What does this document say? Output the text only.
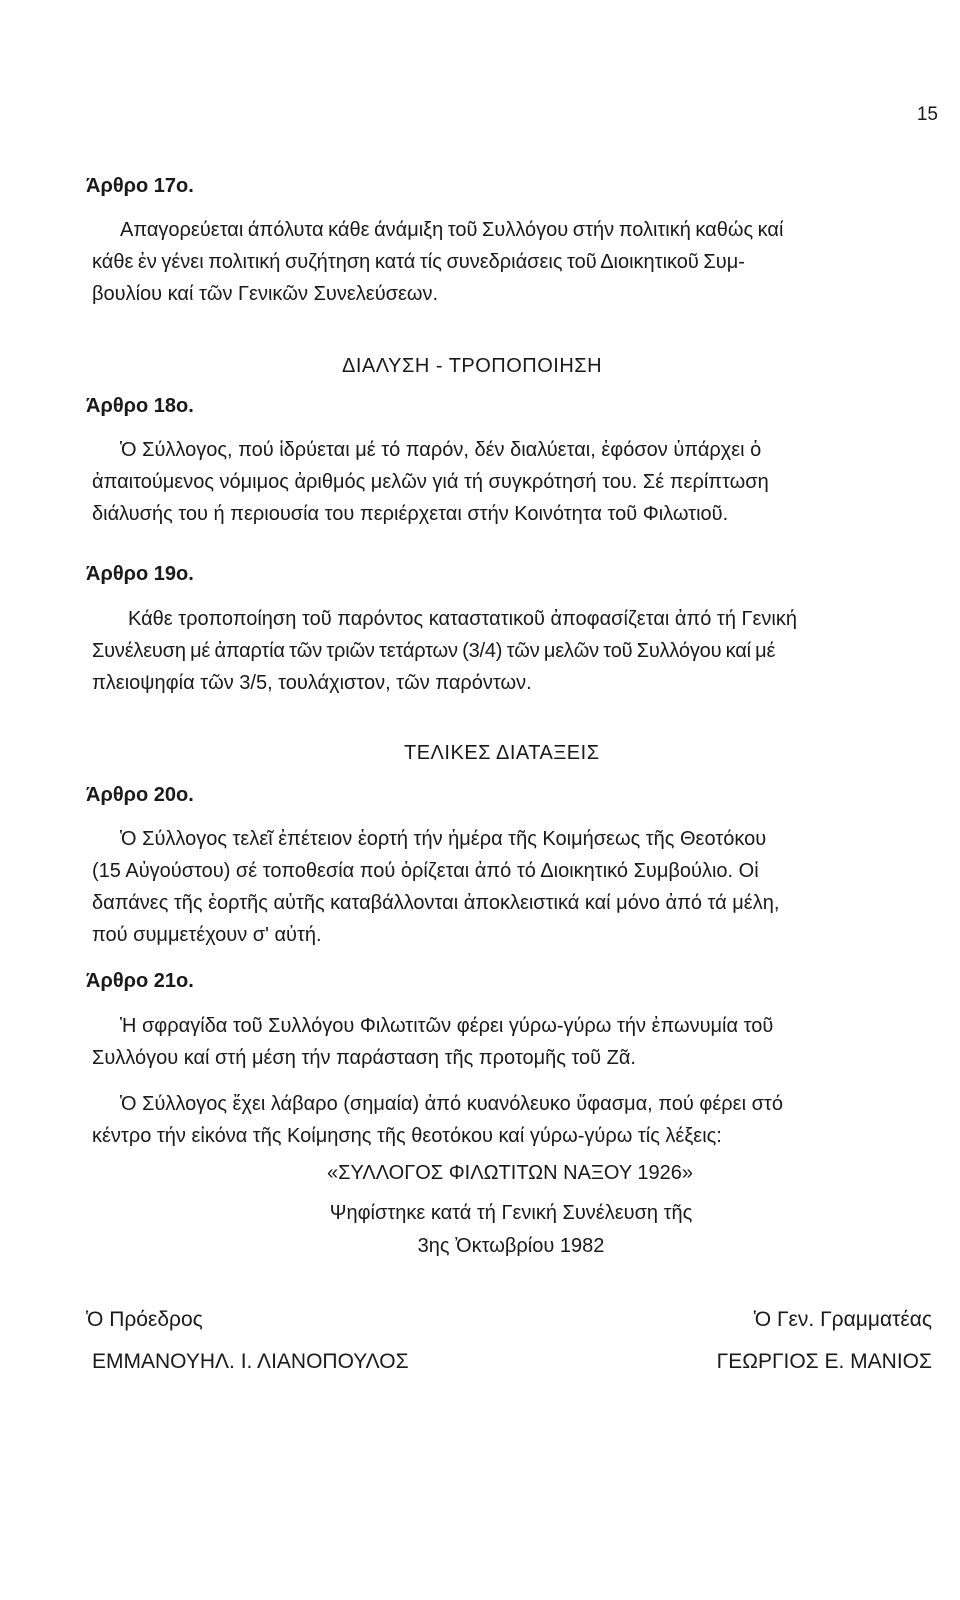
15
Άρθρο 17ο.
Απαγορεύεται άπόλυτα κάθε άνάμιξη τοῦ Συλλόγου στήν πολιτική καθώς καί
κάθε ἐν γένει πολιτική συζήτηση κατά τίς συνεδριάσεις τοῦ Διοικητικοῦ Συμ-
βουλίου καί τῶν Γενικῶν Συνελεύσεων.
ΔΙΑΛΥΣΗ - ΤΡΟΠΟΠΟΙΗΣΗ
Άρθρο 18ο.
Ὁ Σύλλογος, πού ἱδρύεται μέ τό παρόν, δέν διαλύεται, ἐφόσον ὑπάρχει ὁ
ἀπαιτούμενος νόμιμος ἀριθμός μελῶν γιά τή συγκρότησή του. Σέ περίπτωση
διάλυσής του ή περιουσία του περιέρχεται στήν Κοινότητα τοῦ Φιλωτιοῦ.
Άρθρο 19ο.
Κάθε τροποποίηση τοῦ παρόντος καταστατικοῦ ἀποφασίζεται ἀπό τή Γενική
Συνέλευση μέ ἀπαρτία τῶν τριῶν τετάρτων (3/4) τῶν μελῶν τοῦ Συλλόγου καί μέ
πλειοψηφία τῶν 3/5, τουλάχιστον, τῶν παρόντων.
ΤΕΛΙΚΕΣ ΔΙΑΤΑΞΕΙΣ
Άρθρο 20ο.
Ὁ Σύλλογος τελεῖ ἐπέτειον ἑορτή τήν ἡμέρα τῆς Κοιμήσεως τῆς Θεοτόκου
(15 Αὐγούστου) σέ τοποθεσία πού ὁρίζεται ἀπό τό Διοικητικό Συμβούλιο. Οἱ
δαπάνες τῆς ἑορτῆς αὐτῆς καταβάλλονται ἀποκλειστικά καί μόνο ἀπό τά μέλη,
πού συμμετέχουν σ' αὐτή.
Άρθρο 21ο.
Ἡ σφραγίδα τοῦ Συλλόγου Φιλωτιτῶν φέρει γύρω-γύρω τήν ἐπωνυμία τοῦ
Συλλόγου καί στή μέση τήν παράσταση τῆς προτομῆς τοῦ Ζᾶ.
Ὁ Σύλλογος ἔχει λάβαρο (σημαία) ἀπό κυανόλευκο ὕφασμα, πού φέρει στό
κέντρο τήν εἰκόνα τῆς Κοίμησης τῆς θεοτόκου καί γύρω-γύρω τίς λέξεις:
«ΣΥΛΛΟΓΟΣ ΦΙΛΩΤΙΤΩΝ ΝΑΞΟΥ 1926»
Ψηφίστηκε κατά τή Γενική Συνέλευση τῆς
3ης Ὀκτωβρίου 1982
Ὁ Πρόεδρος
ΕΜΜΑΝΟΥΗΛ. Ι. ΛΙΑΝΟΠΟΥΛΟΣ
Ὁ Γεν. Γραμματέας
ΓΕΩΡΓΙΟΣ Ε. ΜΑΝΙΟΣ
